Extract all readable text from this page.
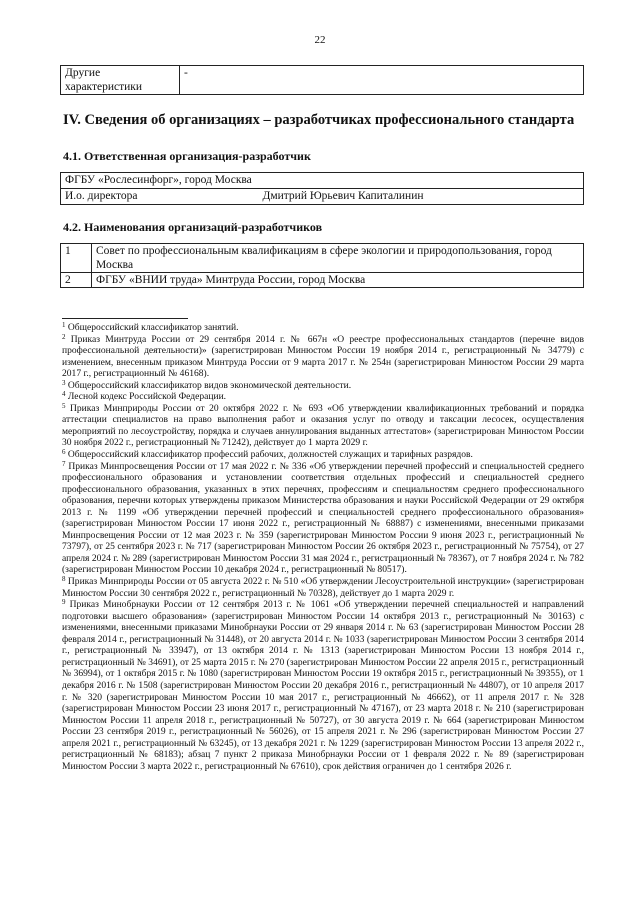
22
Другие характеристики	-
IV. Сведения об организациях – разработчиках профессионального стандарта
4.1. Ответственная организация-разработчик
ФГБУ «Рослесинфорг», город Москва
И.о. директора	Дмитрий Юрьевич Капиталинин
4.2. Наименования организаций-разработчиков
1	Совет по профессиональным квалификациям в сфере экологии и природопользования, город Москва
2	ФГБУ «ВНИИ труда» Минтруда России, город Москва

$^1$ Общероссийский классификатор занятий.

$^2$ Приказ Минтруда России от 29 сентября 2014 г. № 667н «О реестре профессиональных стандартов (перечне видов профессиональной деятельности)» (зарегистрирован Минюстом России 19 ноября 2014 г., регистрационный № 34779) с изменением, внесенным приказом Минтруда России от 9 марта 2017 г. № 254н (зарегистрирован Минюстом России 29 марта 2017 г., регистрационный № 46168).

$^3$ Общероссийский классификатор видов экономической деятельности.

$^4$ Лесной кодекс Российской Федерации.

$^5$ Приказ Минприроды России от 20 октября 2022 г. № 693 «Об утверждении квалификационных требований и порядка аттестации специалистов на право выполнения работ и оказания услуг по отводу и таксации лесосек, осуществления мероприятий по лесоустройству, порядка и случаев аннулирования выданных аттестатов» (зарегистрирован Минюстом России 30 ноября 2022 г., регистрационный № 71242), действует до 1 марта 2029 г.

$^6$ Общероссийский классификатор профессий рабочих, должностей служащих и тарифных разрядов.

$^7$ Приказ Минпросвещения России от 17 мая 2022 г. № 336 «Об утверждении перечней профессий и специальностей среднего профессионального образования и установлении соответствия отдельных профессий и специальностей среднего профессионального образования, указанных в этих перечнях, профессиям и специальностям среднего профессионального образования, перечни которых утверждены приказом Министерства образования и науки Российской Федерации от 29 октября 2013 г. № 1199 «Об утверждении перечней профессий и специальностей среднего профессионального образования» (зарегистрирован Минюстом России 17 июня 2022 г., регистрационный № 68887) с изменениями, внесенными приказами Минпросвещения России от 12 мая 2023 г. № 359 (зарегистрирован Минюстом России 9 июня 2023 г., регистрационный № 73797), от 25 сентября 2023 г. № 717 (зарегистрирован Минюстом России 26 октября 2023 г., регистрационный № 75754), от 27 апреля 2024 г. № 289 (зарегистрирован Минюстом России 31 мая 2024 г., регистрационный № 78367), от 7 ноября 2024 г. № 782 (зарегистрирован Минюстом России 10 декабря 2024 г., регистрационный № 80517).

$^8$ Приказ Минприроды России от 05 августа 2022 г. № 510 «Об утверждении Лесоустроительной инструкции» (зарегистрирован Минюстом России 30 сентября 2022 г., регистрационный № 70328), действует до 1 марта 2029 г.

$^9$ Приказ Минобрнауки России от 12 сентября 2013 г. № 1061 «Об утверждении перечней специальностей и направлений подготовки высшего образования» (зарегистрирован Минюстом России 14 октября 2013 г., регистрационный № 30163) с изменениями, внесенными приказами Минобрнауки России от 29 января 2014 г. № 63 (зарегистрирован Минюстом России 28 февраля 2014 г., регистрационный № 31448), от 20 августа 2014 г. № 1033 (зарегистрирован Минюстом России 3 сентября 2014 г., регистрационный № 33947), от 13 октября 2014 г. № 1313 (зарегистрирован Минюстом России 13 ноября 2014 г., регистрационный № 34691), от 25 марта 2015 г. № 270 (зарегистрирован Минюстом России 22 апреля 2015 г., регистрационный № 36994), от 1 октября 2015 г. № 1080 (зарегистрирован Минюстом России 19 октября 2015 г., регистрационный № 39355), от 1 декабря 2016 г. № 1508 (зарегистрирован Минюстом России 20 декабря 2016 г., регистрационный № 44807), от 10 апреля 2017 г. № 320 (зарегистрирован Минюстом России 10 мая 2017 г., регистрационный № 46662), от 11 апреля 2017 г. № 328 (зарегистрирован Минюстом России 23 июня 2017 г., регистрационный № 47167), от 23 марта 2018 г. № 210 (зарегистрирован Минюстом России 11 апреля 2018 г., регистрационный № 50727), от 30 августа 2019 г. № 664 (зарегистрирован Минюстом России 23 сентября 2019 г., регистрационный № 56026), от 15 апреля 2021 г. № 296 (зарегистрирован Минюстом России 27 апреля 2021 г., регистрационный № 63245), от 13 декабря 2021 г. № 1229 (зарегистрирован Минюстом России 13 апреля 2022 г., регистрационный № 68183); абзац 7 пункт 2 приказа Минобрнауки России от 1 февраля 2022 г. № 89 (зарегистрирован Минюстом России 3 марта 2022 г., регистрационный № 67610), срок действия ограничен до 1 сентября 2026 г.
